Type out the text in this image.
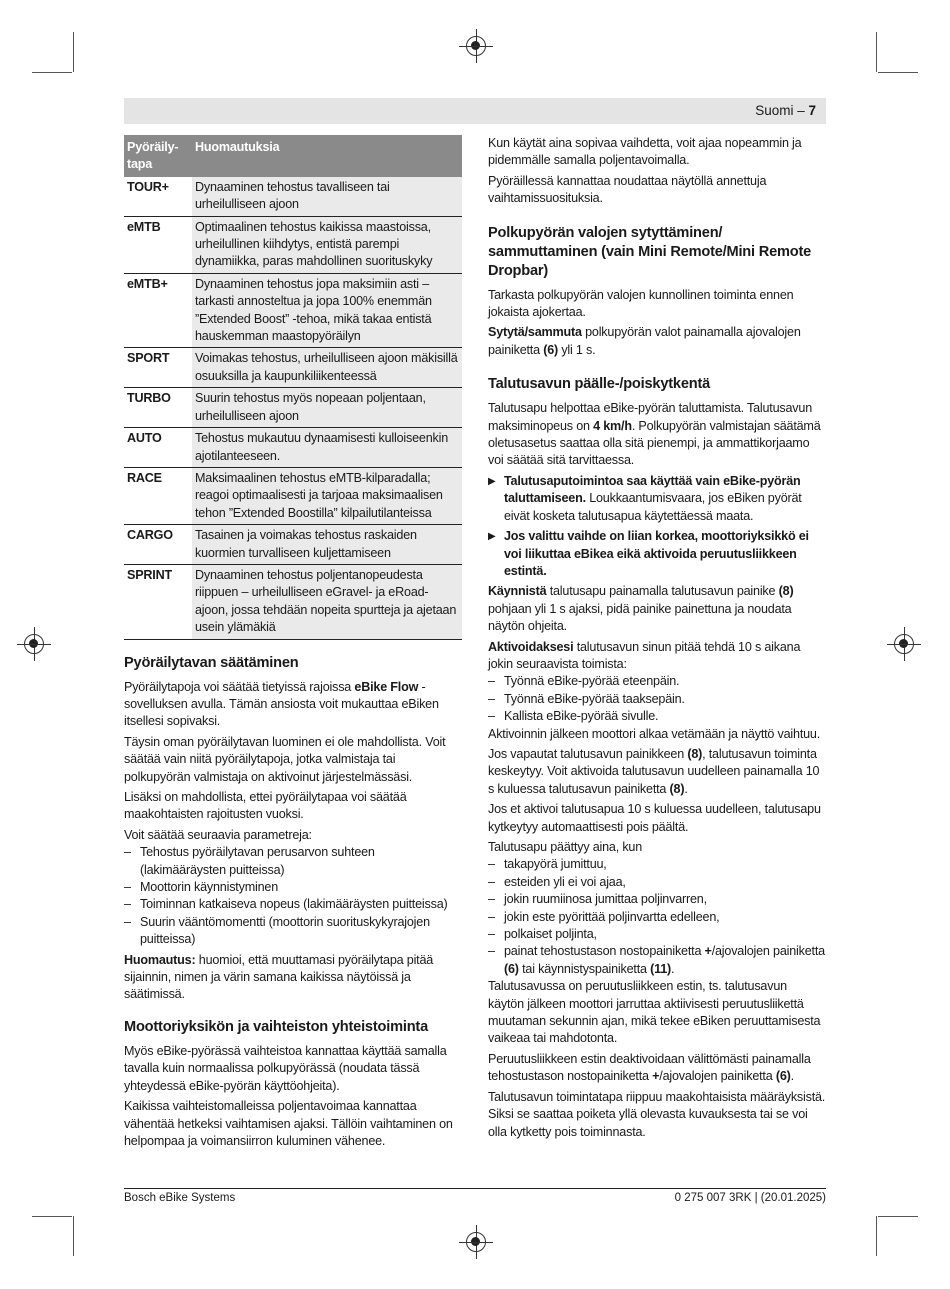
Suomi – 7
Pyöräily-tapa	Huomautuksia
TOUR+	Dynaaminen tehostus tavalliseen tai urheilulliseen ajoon
eMTB	Optimaalinen tehostus kaikissa maastoissa, urheilullinen kiihdytys, entistä parempi dynamiikka, paras mahdollinen suorituskyky
eMTB+	Dynaaminen tehostus jopa maksimiin asti – tarkasti annosteltua ja jopa 100% enemmän ”Extended Boost” -tehoa, mikä takaa entistä hauskemman maastopyöräilyn
SPORT	Voimakas tehostus, urheilulliseen ajoon mäkisillä osuuksilla ja kaupunkiliikenteessä
TURBO	Suurin tehostus myös nopeaan poljentaan, urheilulliseen ajoon
AUTO	Tehostus mukautuu dynaamisesti kulloiseenkin ajotilanteeseen.
RACE	Maksimaalinen tehostus eMTB-kilparadalla; reagoi optimaalisesti ja tarjoaa maksimaalisen tehon ”Extended Boostilla” kilpailutilanteissa
CARGO	Tasainen ja voimakas tehostus raskaiden kuormien turvalliseen kuljettamiseen
SPRINT	Dynaaminen tehostus poljentanopeudesta riippuen – urheilulliseen eGravel- ja eRoad-ajoon, jossa tehdään nopeita spurtteja ja ajetaan usein ylämäkiä
Pyöräilytavan säätäminen

Pyöräilytapoja voi säätää tietyissä rajoissa eBike Flow -sovelluksen avulla. Tämän ansiosta voit mukauttaa eBiken itsellesi sopivaksi.

Täysin oman pyöräilytavan luominen ei ole mahdollista. Voit säätää vain niitä pyöräilytapoja, jotka valmistaja tai polkupyörän valmistaja on aktivoinut järjestelmässäsi.

Lisäksi on mahdollista, ettei pyöräilytapaa voi säätää maakohtaisten rajoitusten vuoksi.

Voit säätää seuraavia parametreja:

– Tehostus pyöräilytavan perusarvon suhteen (lakimääräysten puitteissa)
– Moottorin käynnistyminen
– Toiminnan katkaiseva nopeus (lakimääräysten puitteissa)
– Suurin vääntömomentti (moottorin suorituskykyrajojen puitteissa)

Huomautus: huomioi, että muuttamasi pyöräilytapa pitää sijainnin, nimen ja värin samana kaikissa näytöissä ja säätimissä.

Moottoriyksikön ja vaihteiston yhteistoiminta

Myös eBike-pyörässä vaihteistoa kannattaa käyttää samalla tavalla kuin normaalissa polkupyörässä (noudata tässä yhteydessä eBike-pyörän käyttöohjeita).

Kaikissa vaihteistomalleissa poljentavoimaa kannattaa vähentää hetkeksi vaihtamisen ajaksi. Tällöin vaihtaminen on helpompaa ja voimansiirron kuluminen vähenee.

Kun käytät aina sopivaa vaihdetta, voit ajaa nopeammin ja pidemmälle samalla poljentavoimalla.

Pyöräillessä kannattaa noudattaa näytöllä annettuja vaihtamissuosituksia.

Polkupyörän valojen sytyttäminen/ sammuttaminen (vain Mini Remote/Mini Remote Dropbar)

Tarkasta polkupyörän valojen kunnollinen toiminta ennen jokaista ajokertaa.

Sytytä/sammuta polkupyörän valot painamalla ajovalojen painiketta (6) yli 1 s.

Talutusavun päälle-/poiskytkentä

Talutusapu helpottaa eBike-pyörän taluttamista. Talutusavun maksiminopeus on 4 km/h. Polkupyörän valmistajan säätämä oletusasetus saattaa olla sitä pienempi, ja ammattikorjaamo voi säätää sitä tarvittaessa.

▶ Talutusaputoimintoa saa käyttää vain eBike-pyörän taluttamiseen. Loukkaantumisvaara, jos eBiken pyörät eivät kosketa talutusapua käytettäessä maata.

▶ Jos valittu vaihde on liian korkea, moottoriyksikkö ei voi liikuttaa eBikea eikä aktivoida peruutusliikkeen estintä.

Käynnistä talutusapu painamalla talutusavun painike (8) pohjaan yli 1 s ajaksi, pidä painike painettuna ja noudata näytön ohjeita.

Aktivoidaksesi talutusavun sinun pitää tehdä 10 s aikana jokin seuraavista toimista:

– Työnnä eBike-pyörää eteenpäin.
– Työnnä eBike-pyörää taaksepäin.
– Kallista eBike-pyörää sivulle.

Aktivoinnin jälkeen moottori alkaa vetämään ja näyttö vaihtuu.

Jos vapautat talutusavun painikkeen (8), talutusavun toiminta keskeytyy. Voit aktivoida talutusavun uudelleen painamalla 10 s kuluessa talutusavun painiketta (8).

Jos et aktivoi talutusapua 10 s kuluessa uudelleen, talutusapu kytkeytyy automaattisesti pois päältä.

Talutusapu päättyy aina, kun

– takapyörä jumittuu,
– esteiden yli ei voi ajaa,
– jokin ruumiinosa jumittaa poljinvarren,
– jokin este pyörittää poljinvartta edelleen,
– polkaiset poljinta,
– painat tehostustason nostopainiketta +/ajovalojen painiketta (6) tai käynnistyspainiketta (11).

Talutusavussa on peruutusliikkeen estin, ts. talutusavun käytön jälkeen moottori jarruttaa aktiivisesti peruutusliikettä muutaman sekunnin ajan, mikä tekee eBiken peruuttamisesta vaikeaa tai mahdotonta.

Peruutusliikkeen estin deaktivoidaan välittömästi painamalla tehostustason nostopainiketta +/ajovalojen painiketta (6).

Talutusavun toimintatapa riippuu maakohtaisista määräyksistä. Siksi se saattaa poiketa yllä olevasta kuvauksesta tai se voi olla kytketty pois toiminnasta.

Bosch eBike Systems	0 275 007 3RK | (20.01.2025)
